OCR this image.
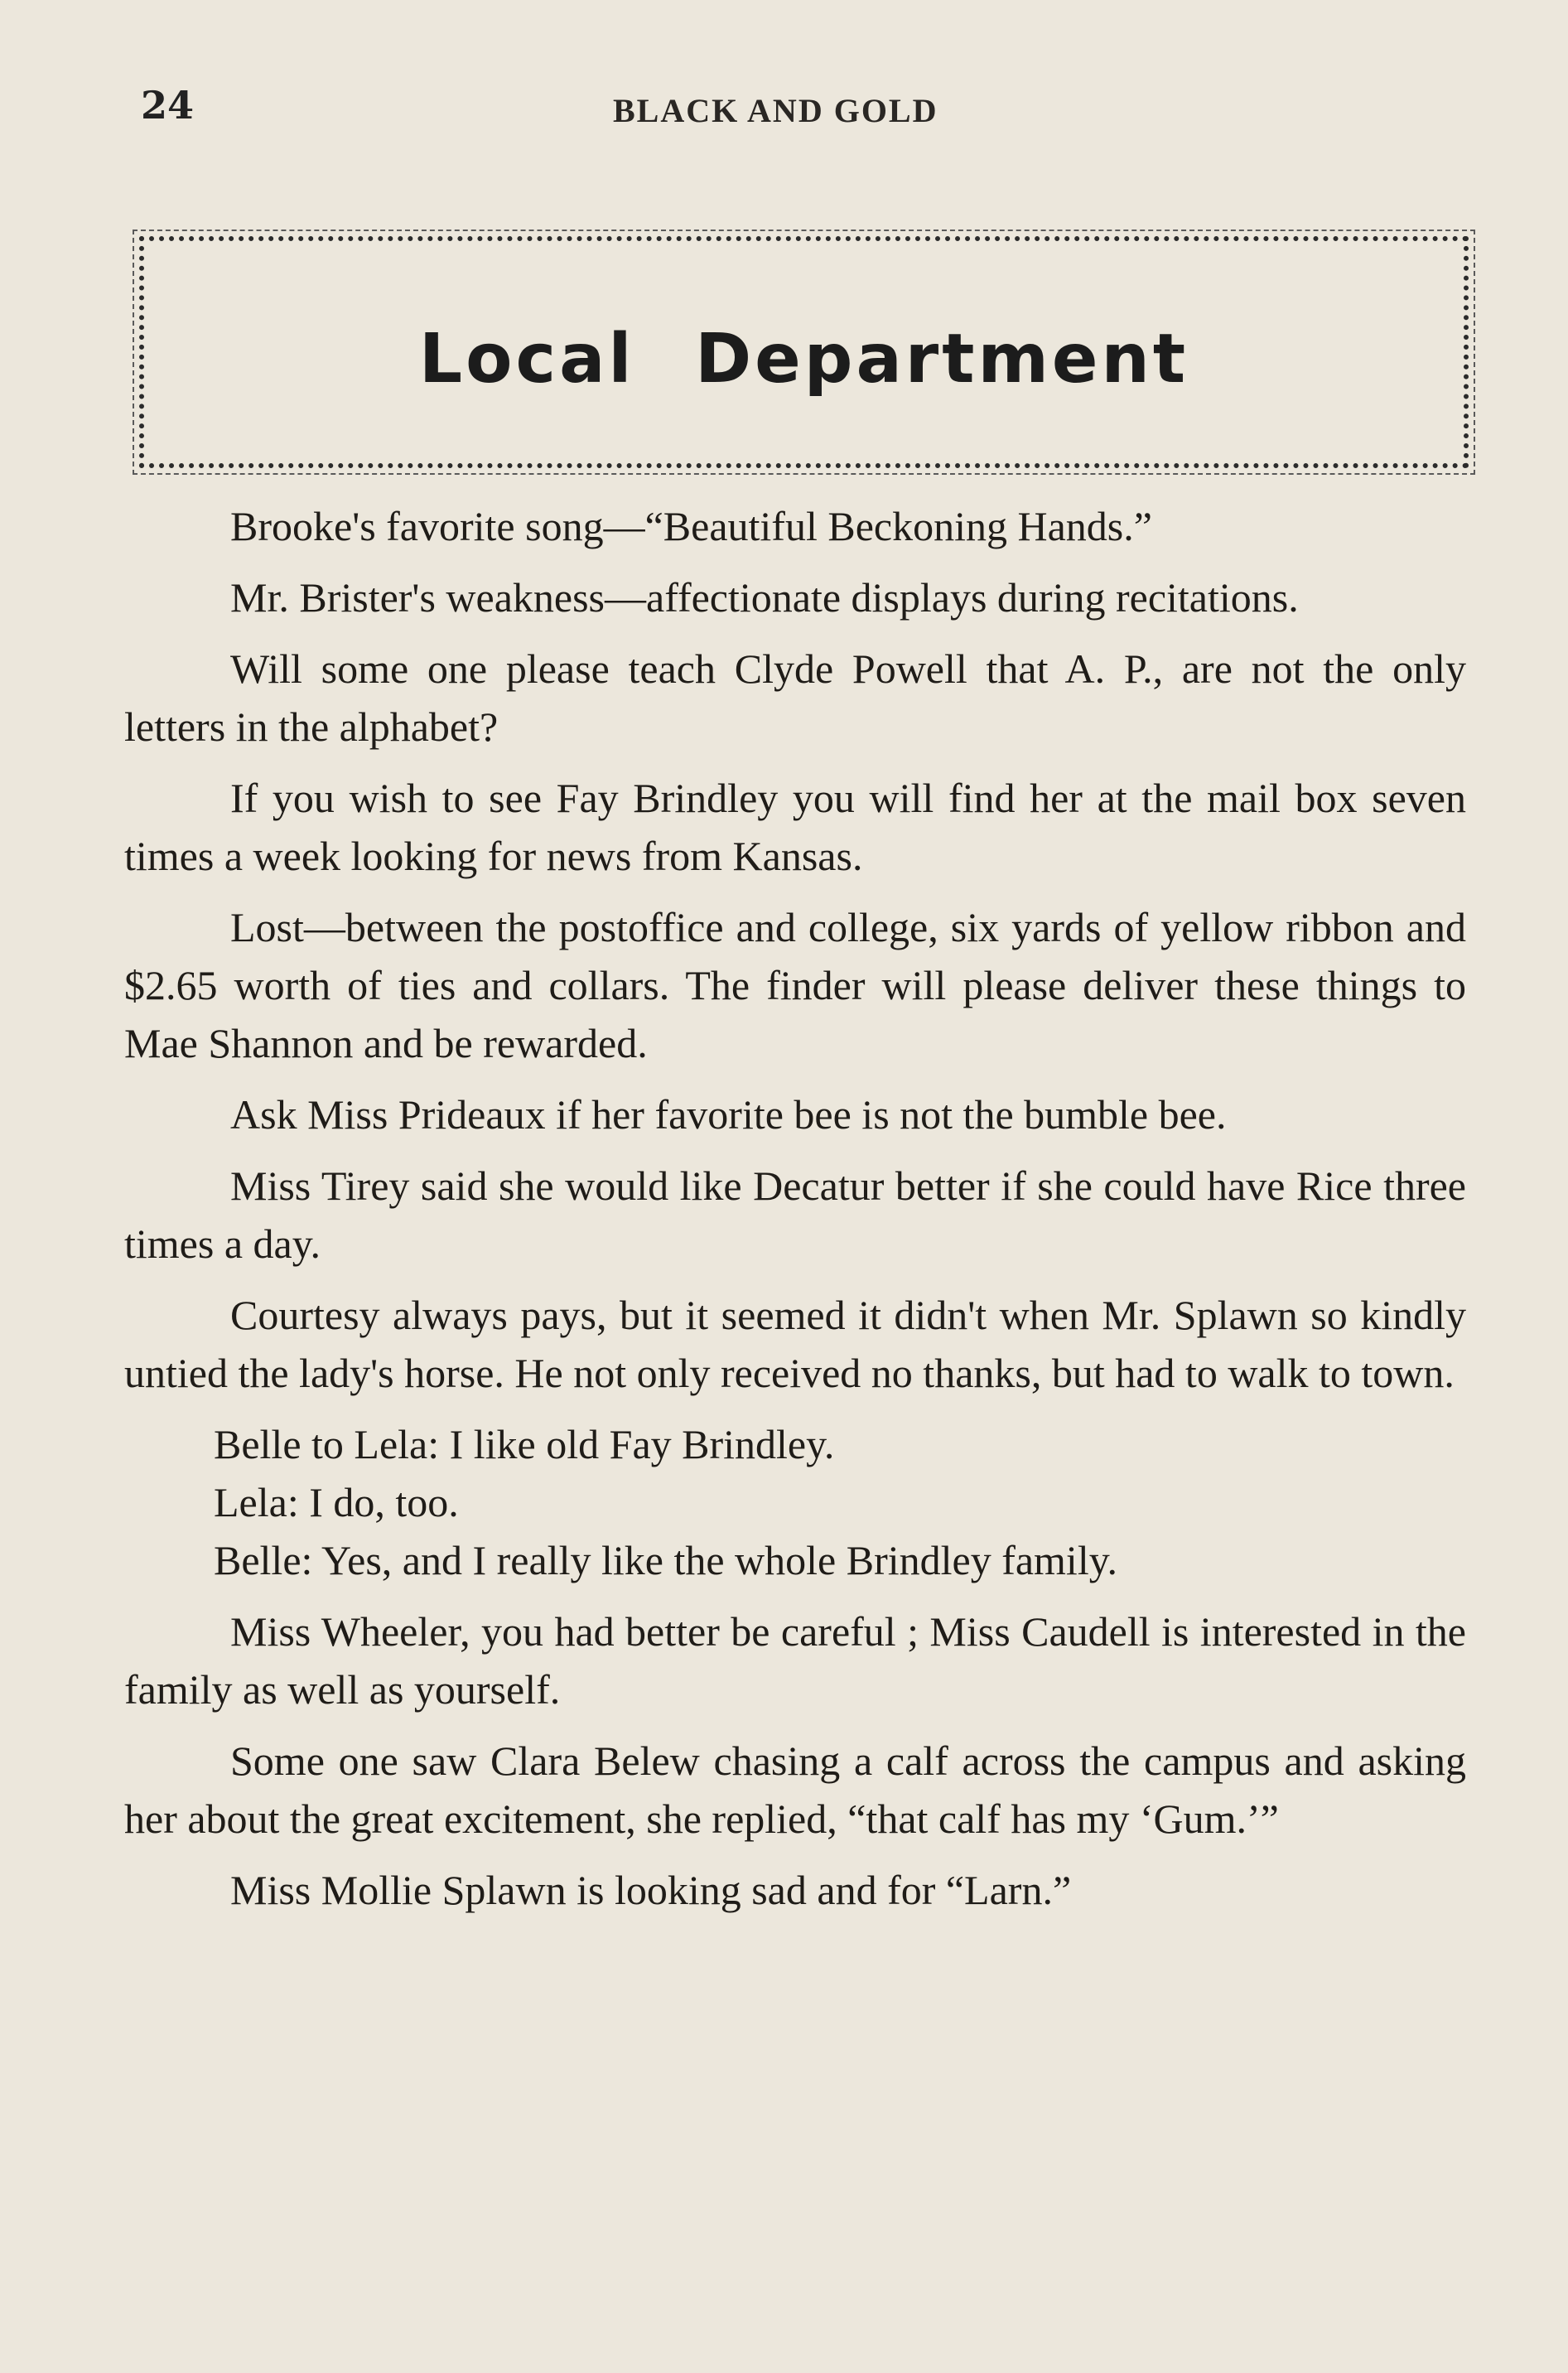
24	BLACK AND GOLD
Local Department

Brooke's favorite song—“Beautiful Beckoning Hands.”

Mr. Brister's weakness—affectionate displays during recitations.

Will some one please teach Clyde Powell that A. P., are not the only letters in the alphabet?

If you wish to see Fay Brindley you will find her at the mail box seven times a week looking for news from Kansas.

Lost—between the postoffice and college, six yards of yellow ribbon and $2.65 worth of ties and collars. The finder will please deliver these things to Mae Shannon and be rewarded.

Ask Miss Prideaux if her favorite bee is not the bumble bee.

Miss Tirey said she would like Decatur better if she could have Rice three times a day.

Courtesy always pays, but it seemed it didn't when Mr. Splawn so kindly untied the lady's horse. He not only received no thanks, but had to walk to town.

Belle to Lela: I like old Fay Brindley.

Lela: I do, too.

Belle: Yes, and I really like the whole Brindley family.

Miss Wheeler, you had better be careful ; Miss Caudell is interested in the family as well as yourself.

Some one saw Clara Belew chasing a calf across the campus and asking her about the great excitement, she replied, “that calf has my ‘Gum.’”

Miss Mollie Splawn is looking sad and for “Larn.”
